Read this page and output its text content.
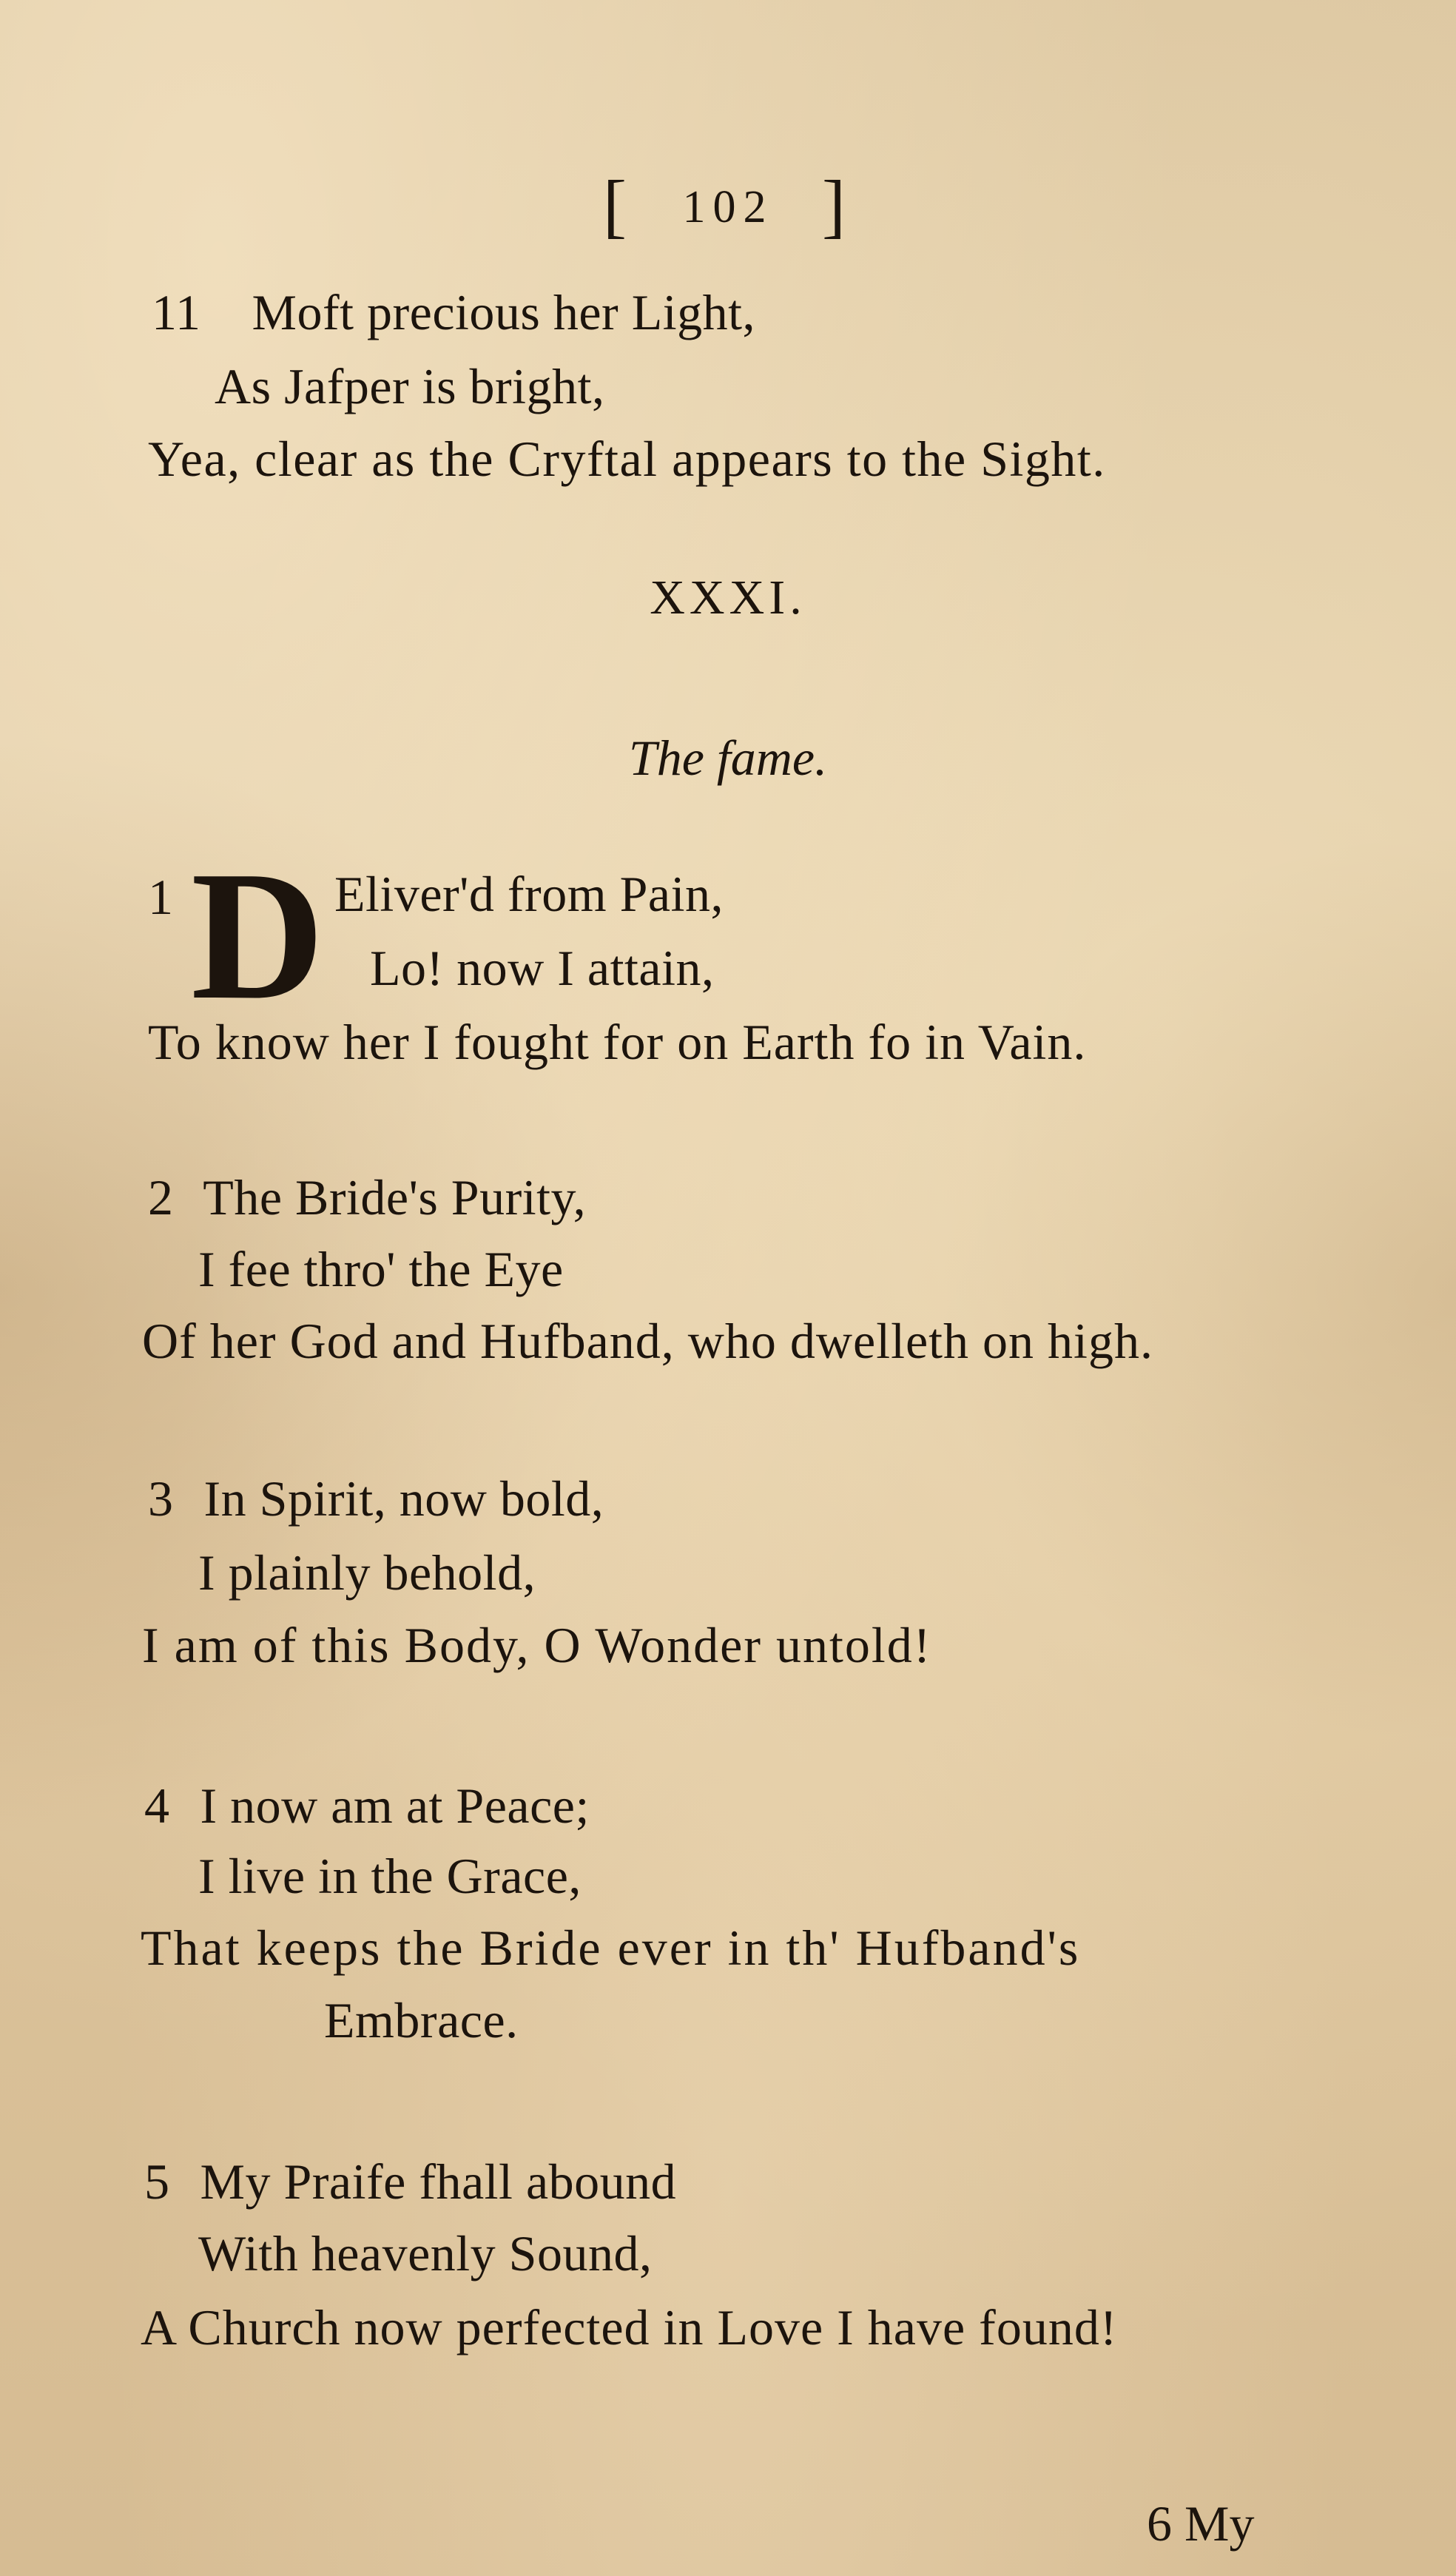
[ 102 ]
11 Moft precious her Light,
As Jafper is bright,
Yea, clear as the Cryftal appears to the Sight.
XXXI.
The fame.
1 D Eliver'd from Pain,
Lo! now I attain,
To know her I fought for on Earth fo in Vain.
2 The Bride's Purity,
I fee thro' the Eye
Of her God and Hufband, who dwelleth on high.
3 In Spirit, now bold,
I plainly behold,
I am of this Body, O Wonder untold!
4 I now am at Peace;
I live in the Grace,
That keeps the Bride ever in th' Hufband's
Embrace.
5 My Praife fhall abound
With heavenly Sound,
A Church now perfected in Love I have found!
6 My
